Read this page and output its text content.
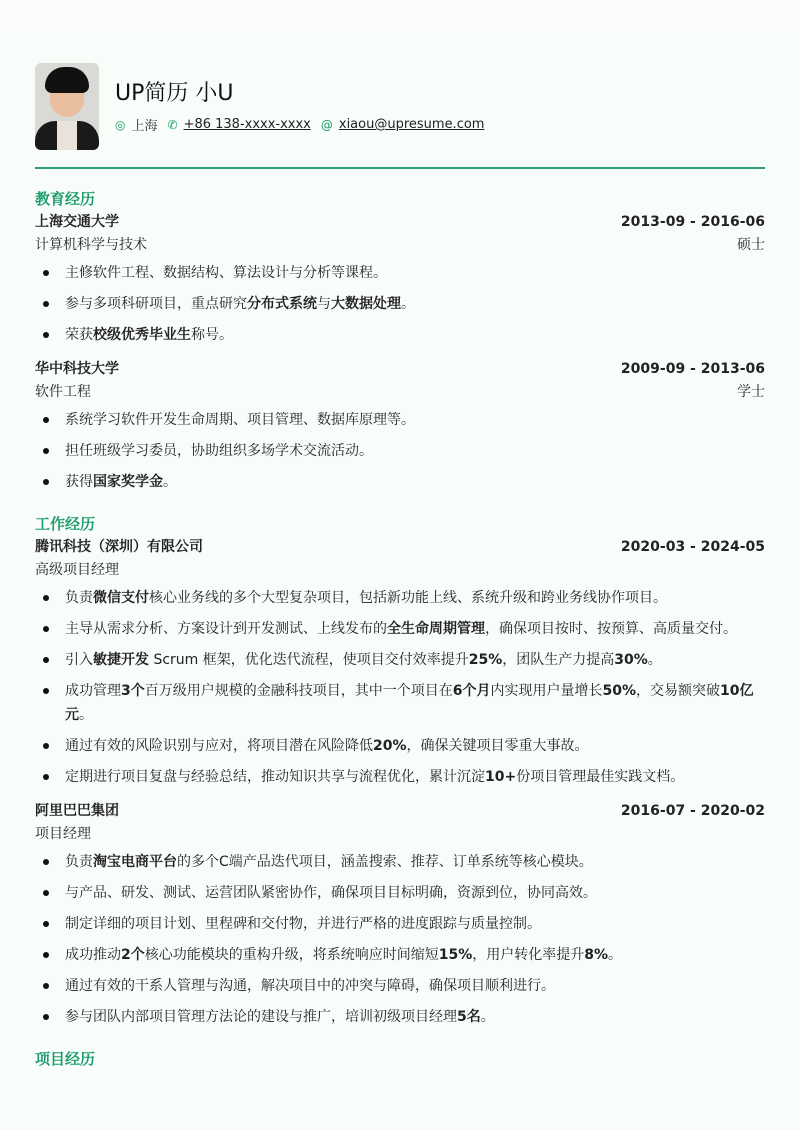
UP简历 小U
◎ 上海 ✆ +86 138-xxxx-xxxx @ xiaou@upresume.com
教育经历
上海交通大学	2013-09 - 2016-06
计算机科学与技术	硕士
主修软件工程、数据结构、算法设计与分析等课程。
参与多项科研项目，重点研究分布式系统与大数据处理。
荣获校级优秀毕业生称号。
华中科技大学	2009-09 - 2013-06
软件工程	学士
系统学习软件开发生命周期、项目管理、数据库原理等。
担任班级学习委员，协助组织多场学术交流活动。
获得国家奖学金。
工作经历
腾讯科技（深圳）有限公司	2020-03 - 2024-05
高级项目经理
负责微信支付核心业务线的多个大型复杂项目，包括新功能上线、系统升级和跨业务线协作项目。
主导从需求分析、方案设计到开发测试、上线发布的全生命周期管理，确保项目按时、按预算、高质量交付。
引入敏捷开发 Scrum 框架，优化迭代流程，使项目交付效率提升25%，团队生产力提高30%。
成功管理3个百万级用户规模的金融科技项目，其中一个项目在6个月内实现用户量增长50%，交易额突破10亿元。
通过有效的风险识别与应对，将项目潜在风险降低20%，确保关键项目零重大事故。
定期进行项目复盘与经验总结，推动知识共享与流程优化，累计沉淀10+份项目管理最佳实践文档。
阿里巴巴集团	2016-07 - 2020-02
项目经理
负责淘宝电商平台的多个C端产品迭代项目，涵盖搜索、推荐、订单系统等核心模块。
与产品、研发、测试、运营团队紧密协作，确保项目目标明确，资源到位，协同高效。
制定详细的项目计划、里程碑和交付物，并进行严格的进度跟踪与质量控制。
成功推动2个核心功能模块的重构升级，将系统响应时间缩短15%，用户转化率提升8%。
通过有效的干系人管理与沟通，解决项目中的冲突与障碍，确保项目顺利进行。
参与团队内部项目管理方法论的建设与推广，培训初级项目经理5名。
项目经历
